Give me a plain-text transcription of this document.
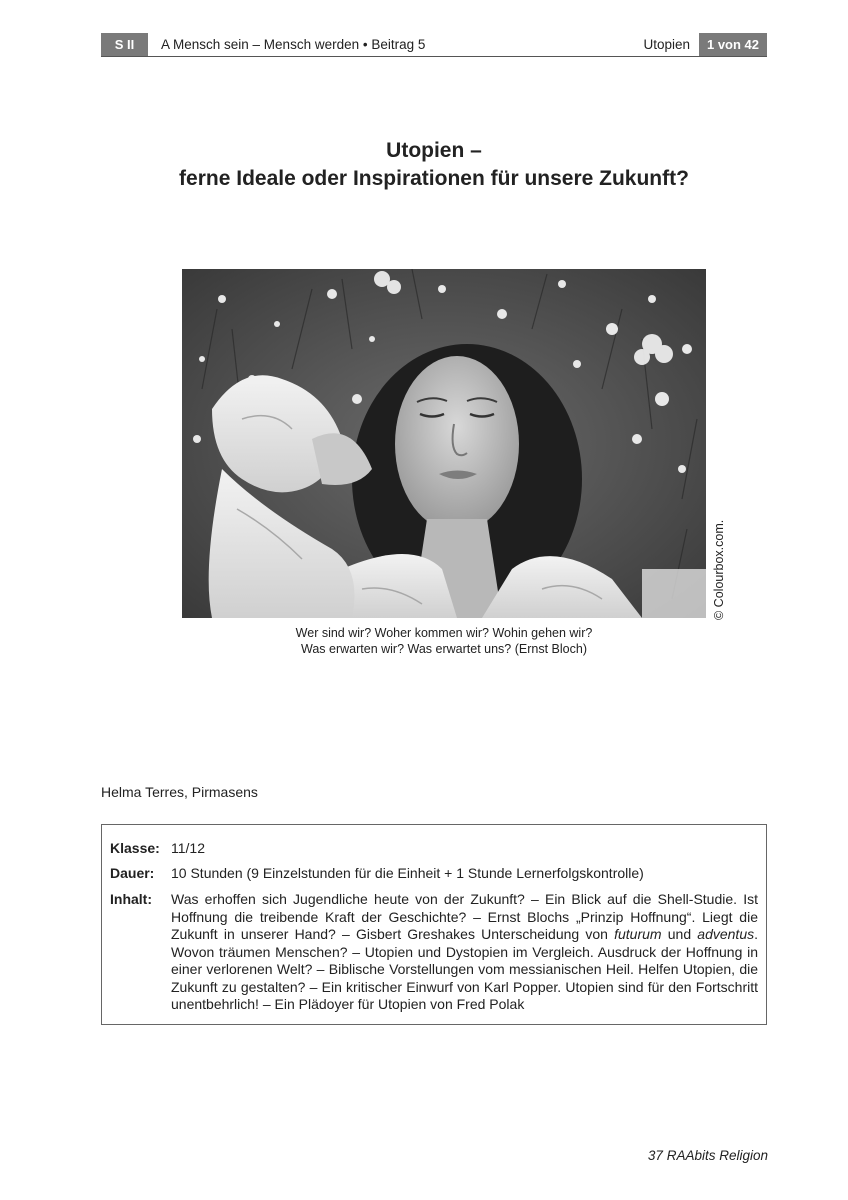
S II	A Mensch sein – Mensch werden • Beitrag 5	Utopien	1 von 42
Utopien –
ferne Ideale oder Inspirationen für unsere Zukunft?
© Colourbox.com.
Wer sind wir? Woher kommen wir? Wohin gehen wir?
Was erwarten wir? Was erwartet uns? (Ernst Bloch)
Helma Terres, Pirmasens
Klasse: 11/12
Dauer:	10 Stunden (9 Einzelstunden für die Einheit + 1 Stunde Lernerfolgskontrolle)
Inhalt:	Was erhoffen sich Jugendliche heute von der Zukunft? – Ein Blick auf die Shell-Studie. Ist Hoffnung die treibende Kraft der Geschichte? – Ernst Blochs „Prinzip Hoffnung“. Liegt die Zukunft in unserer Hand? – Gisbert Greshakes Unterscheidung von futurum und adventus. Wovon träumen Menschen? – Utopien und Dystopien im Vergleich. Ausdruck der Hoffnung in einer verlorenen Welt? – Biblische Vorstellungen vom messianischen Heil. Helfen Utopien, die Zukunft zu gestalten? – Ein kritischer Einwurf von Karl Popper. Utopien sind für den Fortschritt unentbehrlich! – Ein Plädoyer für Utopien von Fred Polak
37 RAAbits Religion
